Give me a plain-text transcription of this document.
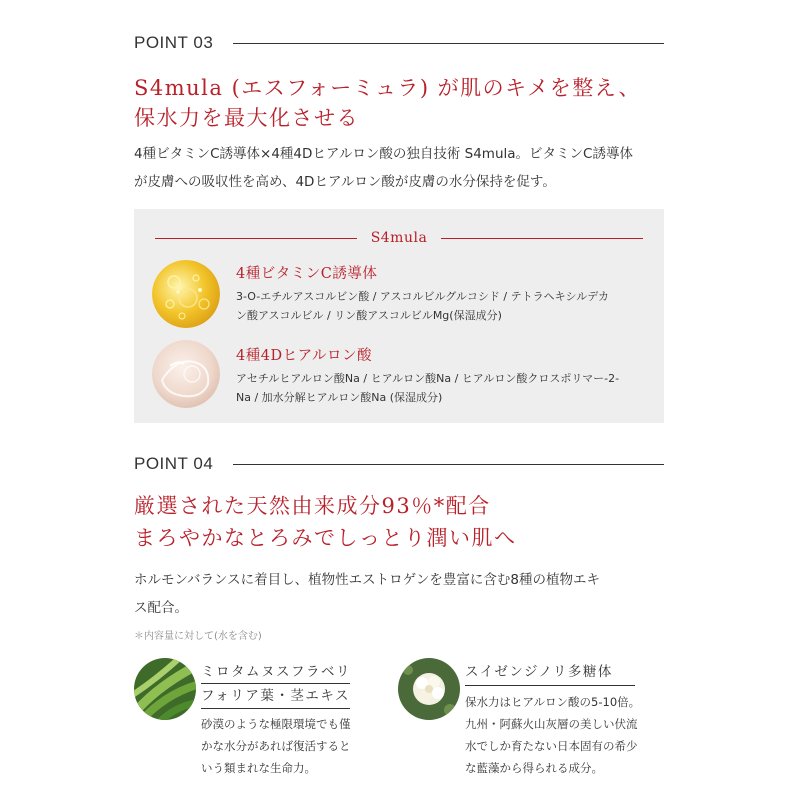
POINT 03
S4mula (エスフォーミュラ) が肌のキメを整え、
保水力を最大化させる
4種ビタミンC誘導体×4種4Dヒアルロン酸の独自技術 S4mula。ビタミンC誘導体
が皮膚への吸収性を高め、4Dヒアルロン酸が皮膚の水分保持を促す。
S4mula
4種ビタミンC誘導体
3-O-エチルアスコルビン酸 / アスコルビルグルコシド / テトラヘキシルデカ
ン酸アスコルビル / リン酸アスコルビルMg(保湿成分)
4種4Dヒアルロン酸
アセチルヒアルロン酸Na / ヒアルロン酸Na / ヒアルロン酸クロスポリマー-2-
Na / 加水分解ヒアルロン酸Na (保湿成分)
POINT 04
厳選された天然由来成分93％*配合
まろやかなとろみでしっとり潤い肌へ
ホルモンバランスに着目し、植物性エストロゲンを豊富に含む8種の植物エキ
ス配合。
＊内容量に対して(水を含む)
ミロタムヌスフラベリ
フォリア葉・茎エキス
砂漠のような極限環境でも僅
かな水分があれば復活すると
いう類まれな生命力。
スイゼンジノリ多糖体
保水力はヒアルロン酸の5-10倍。
九州・阿蘇火山灰層の美しい伏流
水でしか育たない日本固有の希少
な藍藻から得られる成分。
